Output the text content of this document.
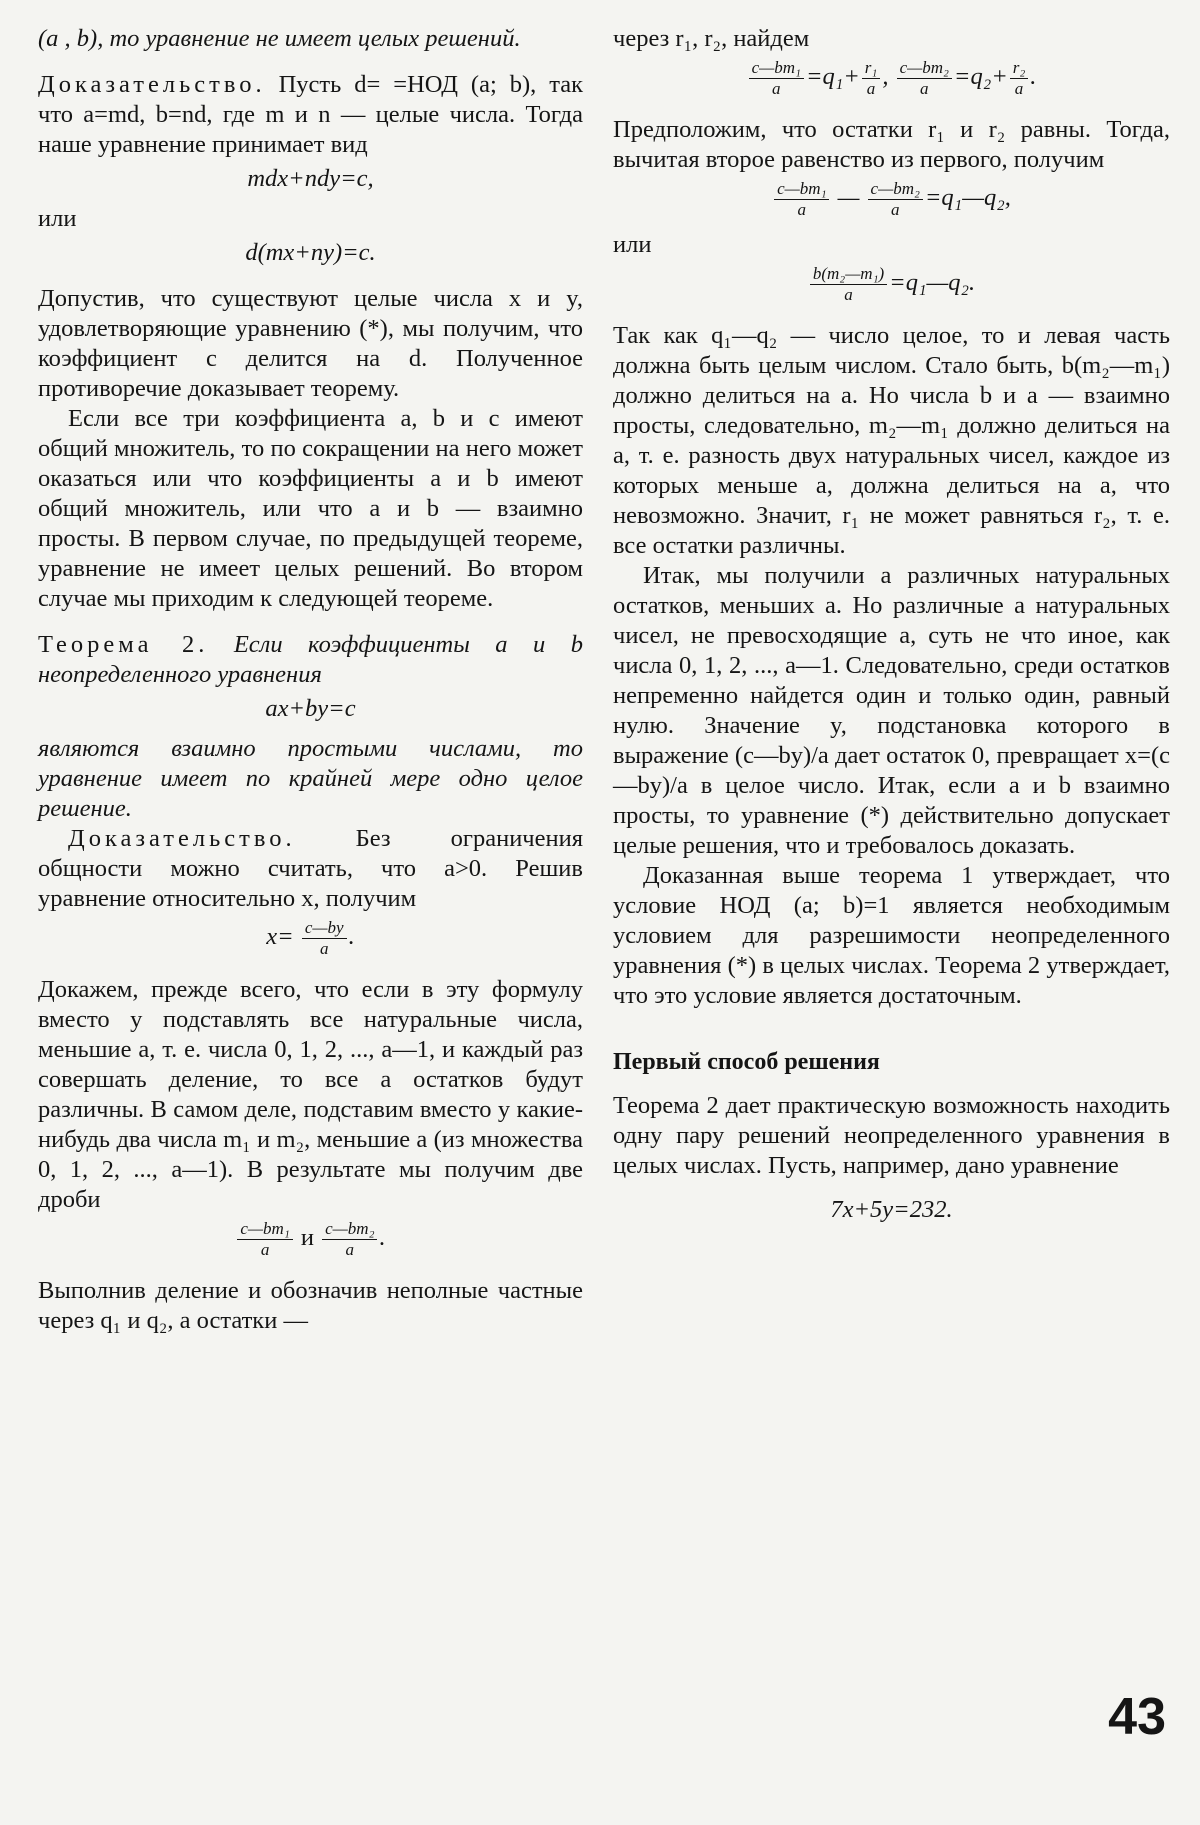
(a , b), то уравнение не имеет целых решений.

Доказательство. Пусть d= =НОД (a; b), так что a=md, b=nd, где m и n — целые числа. Тогда наше уравнение принимает вид

mdx+ndy=c,
или
d(mx+ny)=c.

Допустив, что существуют целые числа x и y, удовлетворяющие уравнению (*), мы получим, что коэффициент c делится на d. Полученное противоречие доказывает теорему.

Если все три коэффициента a, b и c имеют общий множитель, то по сокращении на него может оказаться или что коэффициенты a и b имеют общий множитель, или что a и b — взаимно просты. В первом случае, по предыдущей теореме, уравнение не имеет целых решений. Во втором случае мы приходим к следующей теореме.

Теорема 2. Если коэффициенты a и b неопределенного уравнения

ax+by=c

являются взаимно простыми числами, то уравнение имеет по крайней мере одно целое решение.

Доказательство. Без ограничения общности можно считать, что a>0. Решив уравнение относительно x, получим

$x= \frac{c—by}{a}$ .

Докажем, прежде всего, что если в эту формулу вместо y подставлять все натуральные числа, меньшие a, т. е. числа 0, 1, 2, ..., a—1, и каждый раз совершать деление, то все a остатков будут различны. В самом деле, подставим вместо y какие-нибудь два числа m₁ и m₂, меньшие a (из множества 0, 1, 2, ..., a—1). В результате мы получим две дроби

$\frac{\text{c—bm₁}}{a}$ и $\frac{\text{c—bm₂}}{a}$ .

Выполнив деление и обозначив неполные частные через q₁ и q₂, а остатки —

через r₁, r₂, найдем

$\frac{\text{c—bm₁}}{a} =q_1+ \frac{\text{r₁}}{a}$ , $\frac{\text{c—bm₂}}{a} =q_2+ \frac{\text{r₂}}{a}$ .

Предположим, что остатки r₁ и r₂ равны. Тогда, вычитая второе равенство из первого, получим

$\frac{\text{c—bm₁}}{a}$ — $\frac{\text{c—bm₂}}{a}$ =q₁—q₂,
или
$\frac{\text{b(m₂—m₁)}}{a}$ =q₁—q₂.

Так как q₁—q₂ — число целое, то и левая часть должна быть целым числом. Стало быть, b(m₂—m₁) должно делиться на a. Но числа b и a — взаимно просты, следовательно, m₂—m₁ должно делиться на a, т. е. разность двух натуральных чисел, каждое из которых меньше a, должна делиться на a, что невозможно. Значит, r₁ не может равняться r₂, т. е. все остатки различны.

Итак, мы получили a различных натуральных остатков, меньших a. Но различные a натуральных чисел, не превосходящие a, суть не что иное, как числа 0, 1, 2, ..., a—1. Следовательно, среди остатков непременно найдется один и только один, равный нулю. Значение y, подстановка которого в выражение (c—by)/a дает остаток 0, превращает x=(c—by)/a в целое число. Итак, если a и b взаимно просты, то уравнение (*) действительно допускает целые решения, что и требовалось доказать.

Доказанная выше теорема 1 утверждает, что условие НОД (a; b)=1 является необходимым условием для разрешимости неопределенного уравнения (*) в целых числах. Теорема 2 утверждает, что это условие является достаточным.

Первый способ решения

Теорема 2 дает практическую возможность находить одну пару решений неопределенного уравнения в целых числах. Пусть, например, дано уравнение

7x+5y=232.
43
